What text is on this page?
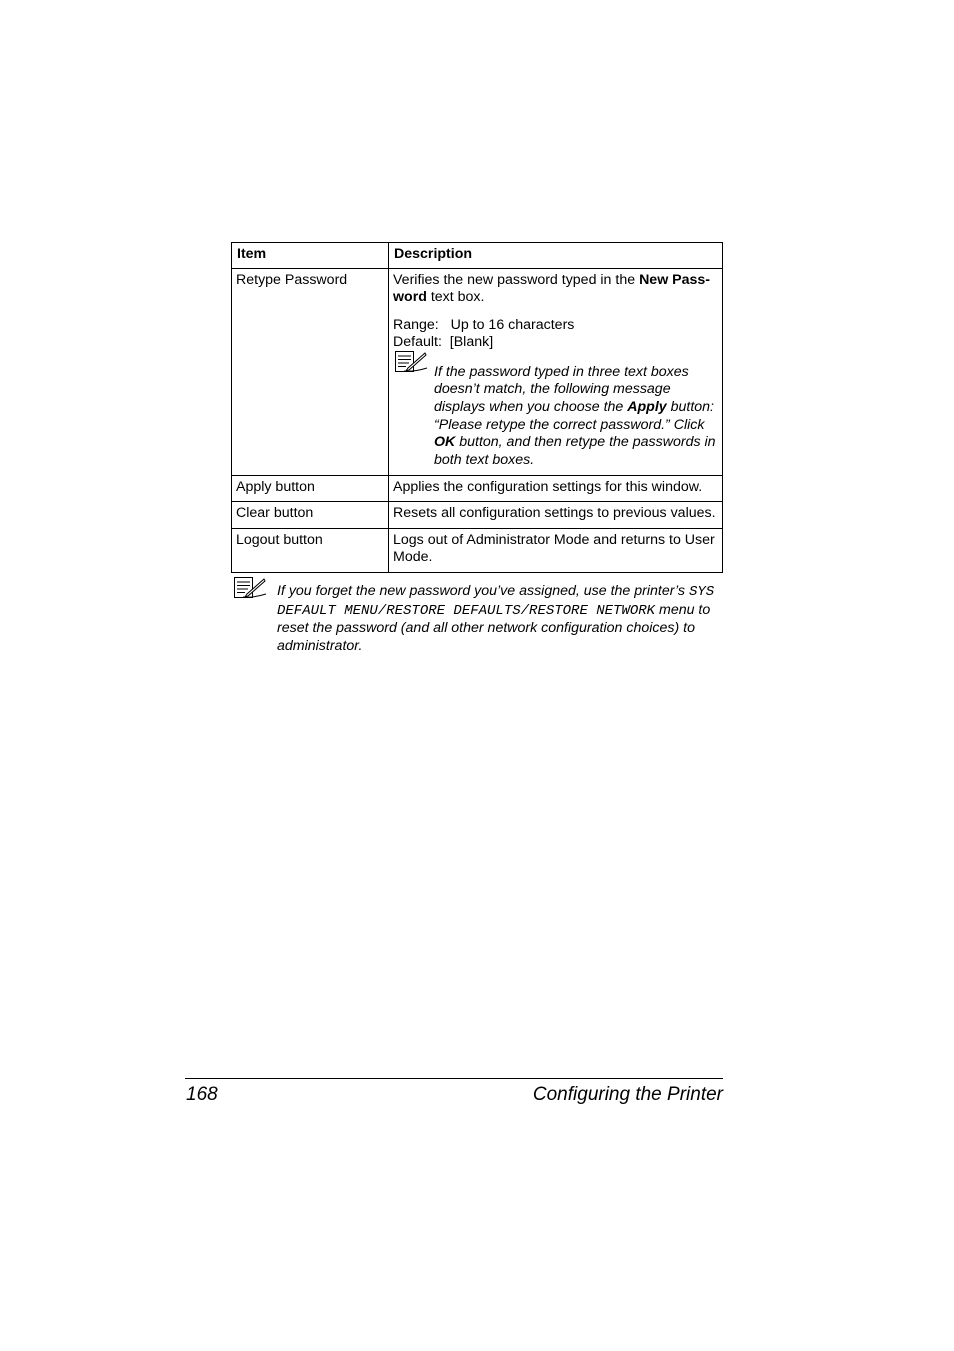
Item	Description
Retype Password	Verifies the new password typed in the New Pass-
word text box.

Range:   Up to 16 characters
Default:  [Blank]
If the password typed in three text boxes doesn’t match, the following message displays when you choose the Apply button: “Please retype the correct password.” Click OK button, and then retype the passwords in both text boxes.

Apply button	Applies the configuration settings for this window.
Clear button	Resets all configuration settings to previous values.
Logout button	Logs out of Administrator Mode and returns to User Mode.
If you forget the new password you’ve assigned, use the printer’s SYS DEFAULT MENU/RESTORE DEFAULTS/RESTORE NETWORK menu to reset the password (and all other network configuration choices) to administrator.
168	Configuring the Printer
